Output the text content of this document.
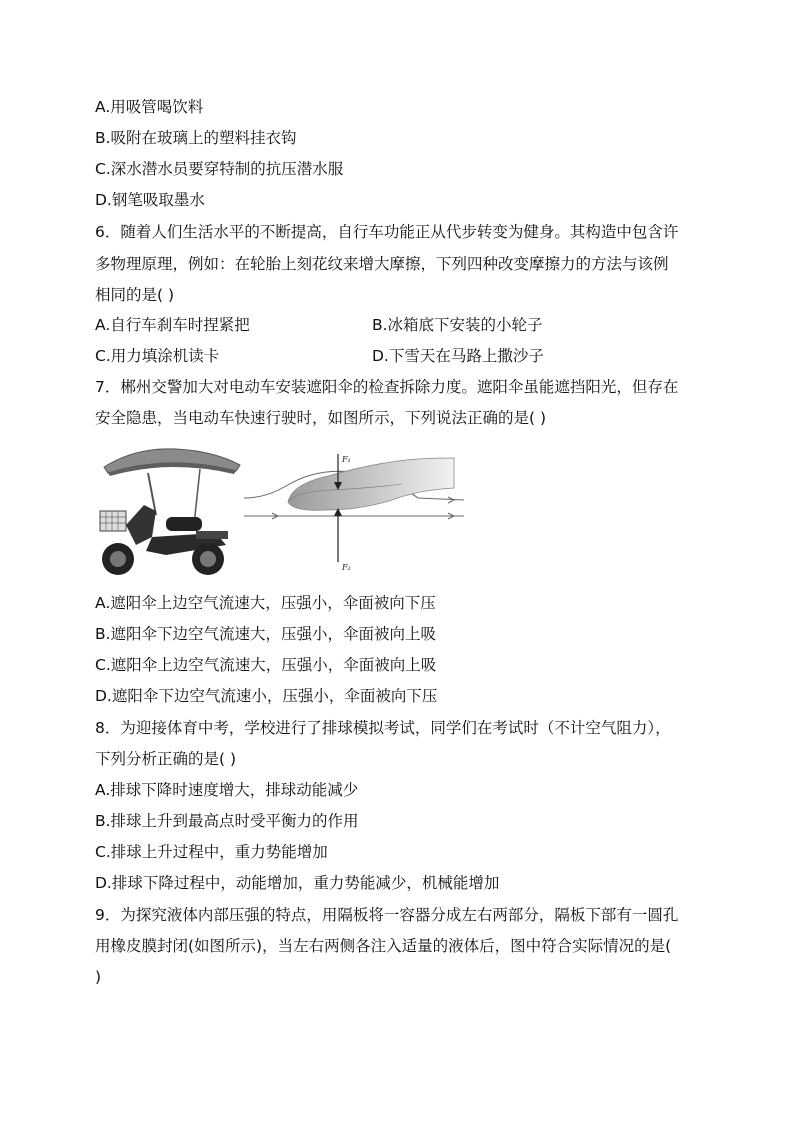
A.用吸管喝饮料
B.吸附在玻璃上的塑料挂衣钩
C.深水潜水员要穿特制的抗压潜水服
D.钢笔吸取墨水
6．随着人们生活水平的不断提高，自行车功能正从代步转变为健身。其构造中包含许
多物理原理，例如：在轮胎上刻花纹来增大摩擦，下列四种改变摩擦力的方法与该例
相同的是( )
A.自行车刹车时捏紧把	B.冰箱底下安装的小轮子
C.用力填涂机读卡	D.下雪天在马路上撒沙子
7．郴州交警加大对电动车安装遮阳伞的检查拆除力度。遮阳伞虽能遮挡阳光，但存在
安全隐患，当电动车快速行驶时，如图所示，下列说法正确的是( )
F₁
F₂
A.遮阳伞上边空气流速大，压强小，伞面被向下压
B.遮阳伞下边空气流速大，压强小，伞面被向上吸
C.遮阳伞上边空气流速大，压强小，伞面被向上吸
D.遮阳伞下边空气流速小，压强小，伞面被向下压
8．为迎接体育中考，学校进行了排球模拟考试，同学们在考试时（不计空气阻力），
下列分析正确的是( )
A.排球下降时速度增大，排球动能减少
B.排球上升到最高点时受平衡力的作用
C.排球上升过程中，重力势能增加
D.排球下降过程中，动能增加，重力势能减少，机械能增加
9．为探究液体内部压强的特点，用隔板将一容器分成左右两部分，隔板下部有一圆孔
用橡皮膜封闭(如图所示)，当左右两侧各注入适量的液体后，图中符合实际情况的是(
)
